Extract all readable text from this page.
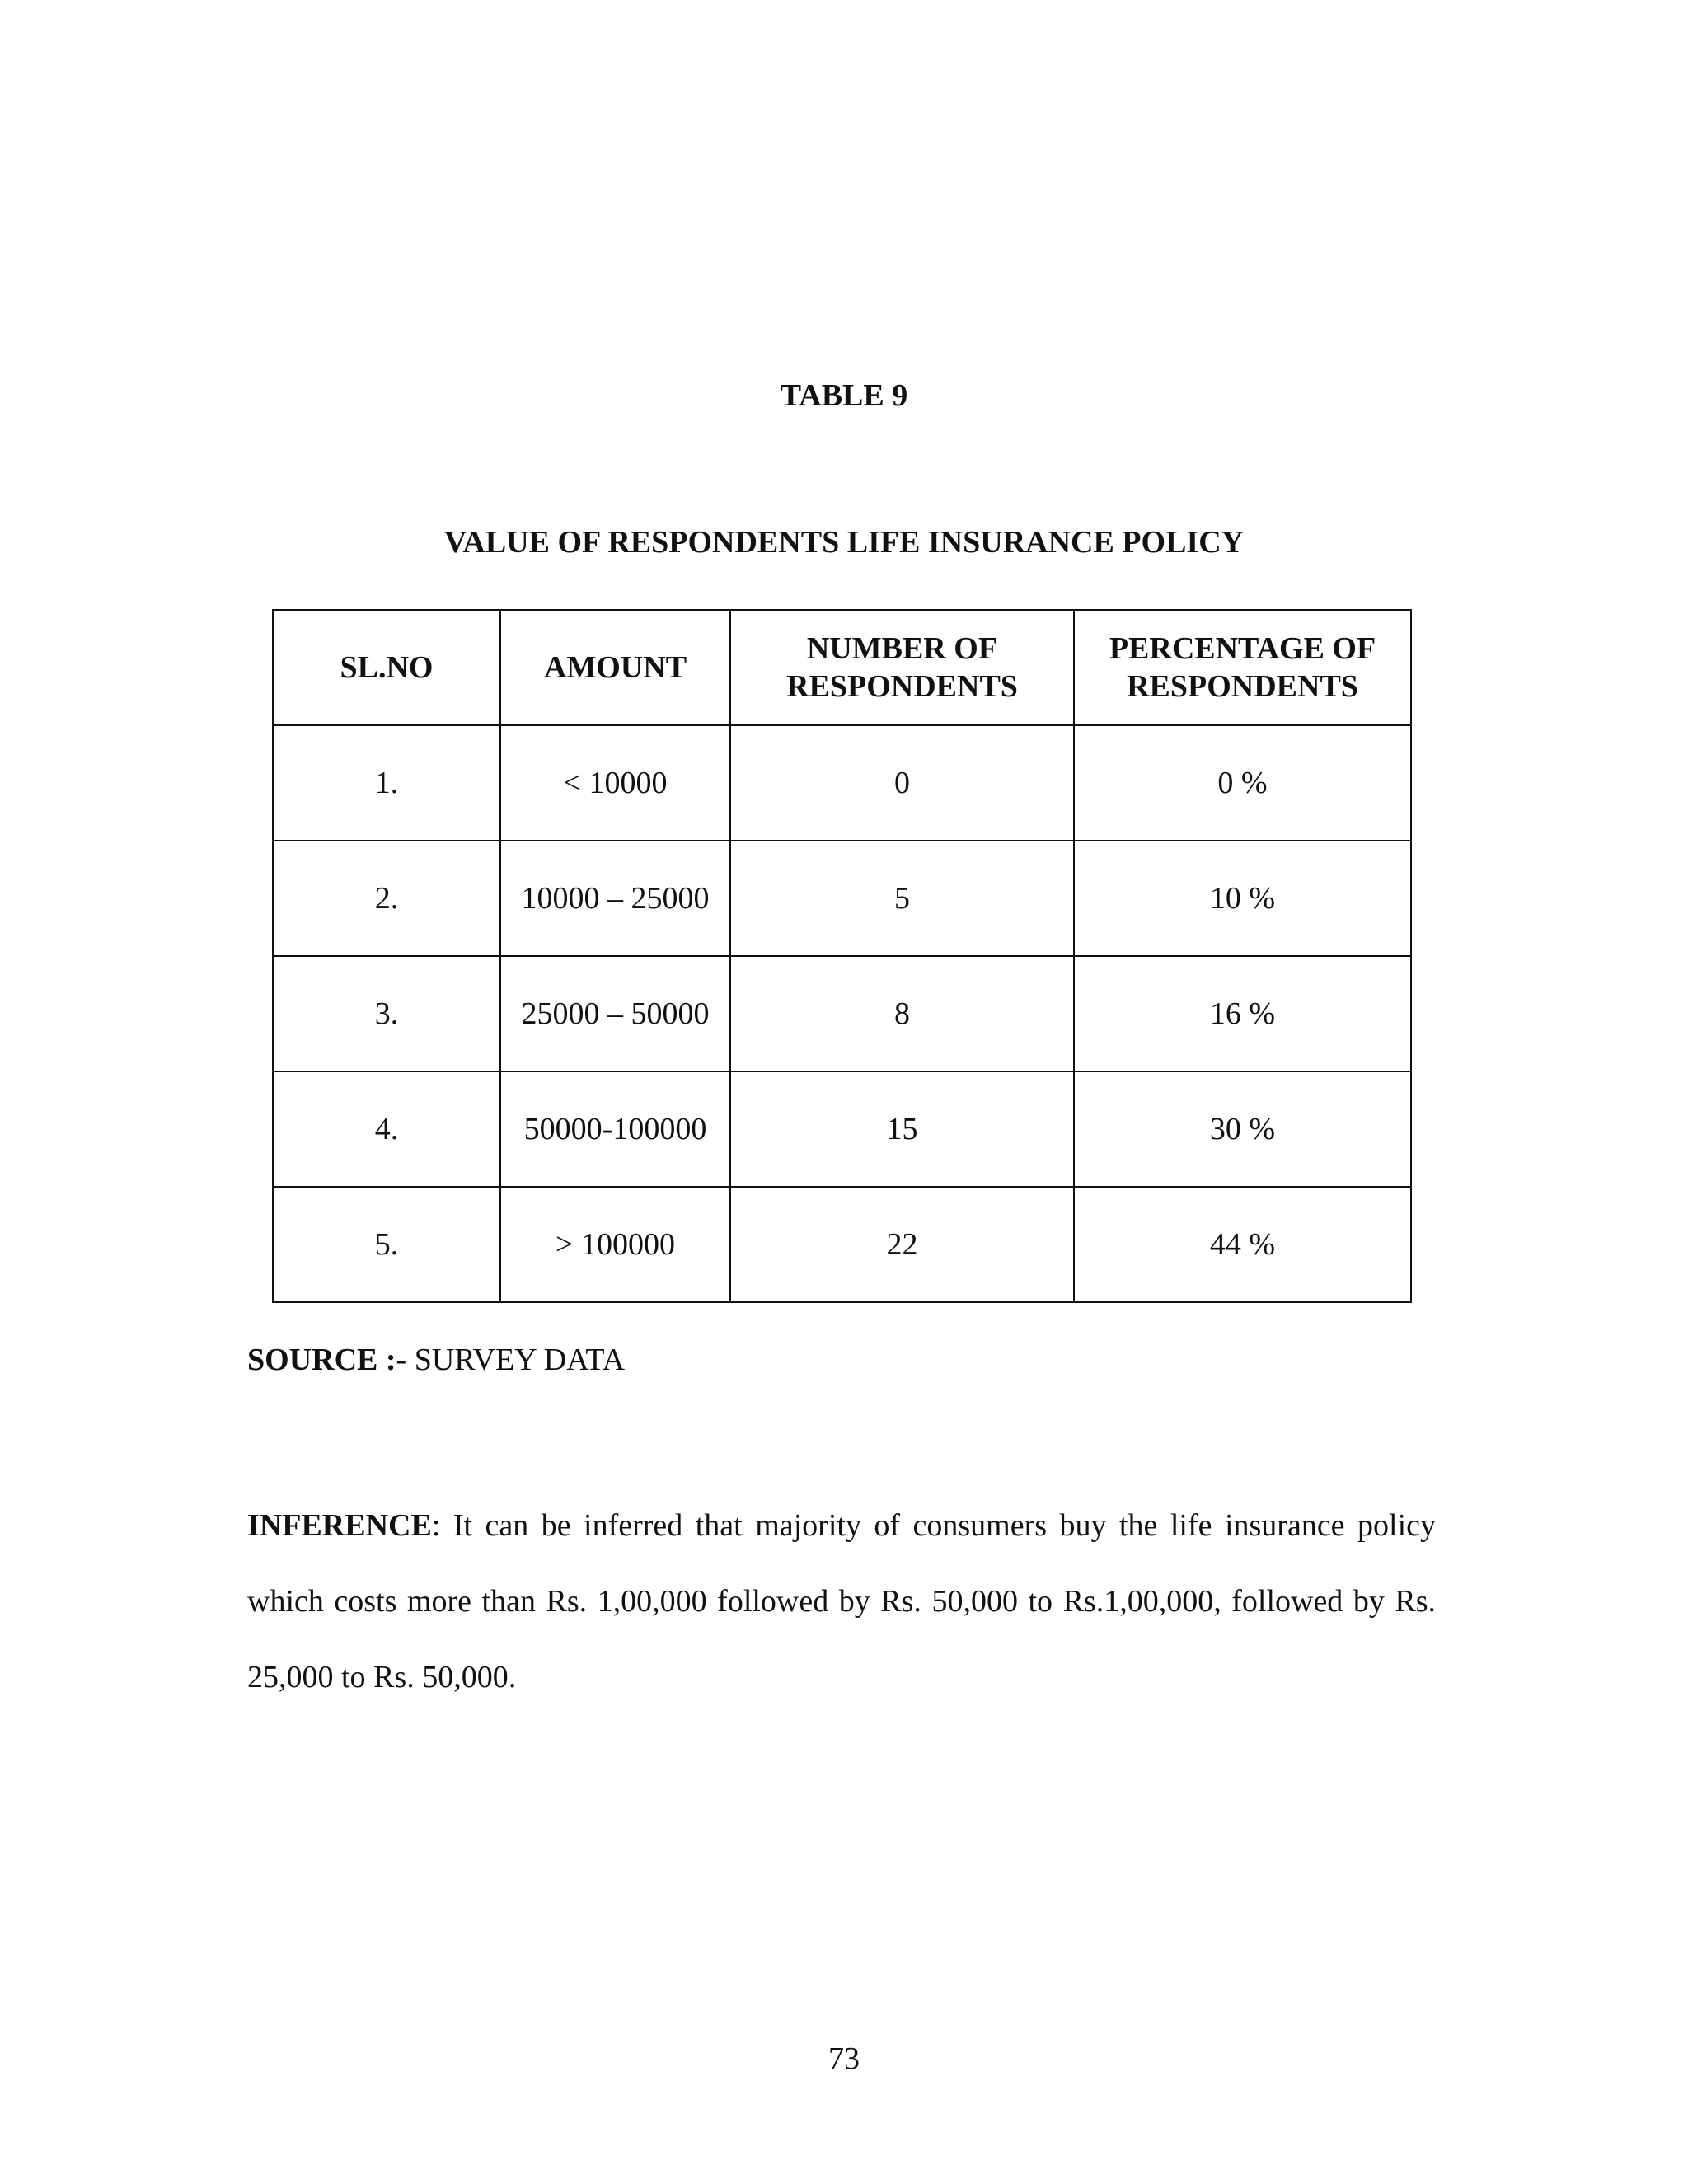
TABLE 9
VALUE OF RESPONDENTS LIFE INSURANCE POLICY
SL.NO	AMOUNT	NUMBER OF RESPONDENTS	PERCENTAGE OF RESPONDENTS
1.	< 10000	0	0 %
2.	10000 – 25000	5	10 %
3.	25000 – 50000	8	16 %
4.	50000-100000	15	30 %
5.	> 100000	22	44 %
SOURCE :- SURVEY DATA
INFERENCE: It can be inferred that majority of consumers buy the life insurance policy which costs more than Rs. 1,00,000 followed by Rs. 50,000 to Rs.1,00,000, followed by Rs. 25,000 to Rs. 50,000.
73
